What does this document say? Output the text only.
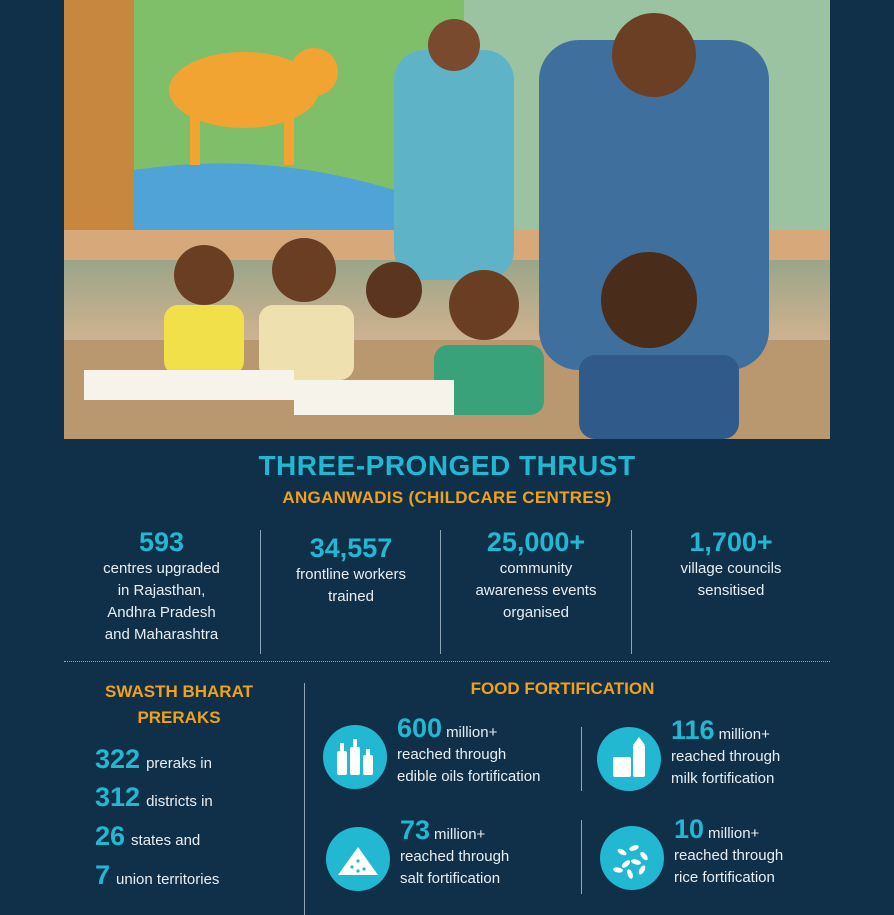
THREE-PRONGED THRUST
ANGANWADIS (CHILDCARE CENTRES)
593
centres upgraded
in Rajasthan,
Andhra Pradesh
and Maharashtra
34,557
frontline workers
trained
25,000+
community
awareness events
organised
1,700+
village councils
sensitised
SWASTH BHARAT
PRERAKS
322 preraks in
312 districts in
26 states and
7 union territories
FOOD FORTIFICATION
600 million+
reached through
edible oils fortification
116 million+
reached through
milk fortification
73 million+
reached through
salt fortification
10 million+
reached through
rice fortification
